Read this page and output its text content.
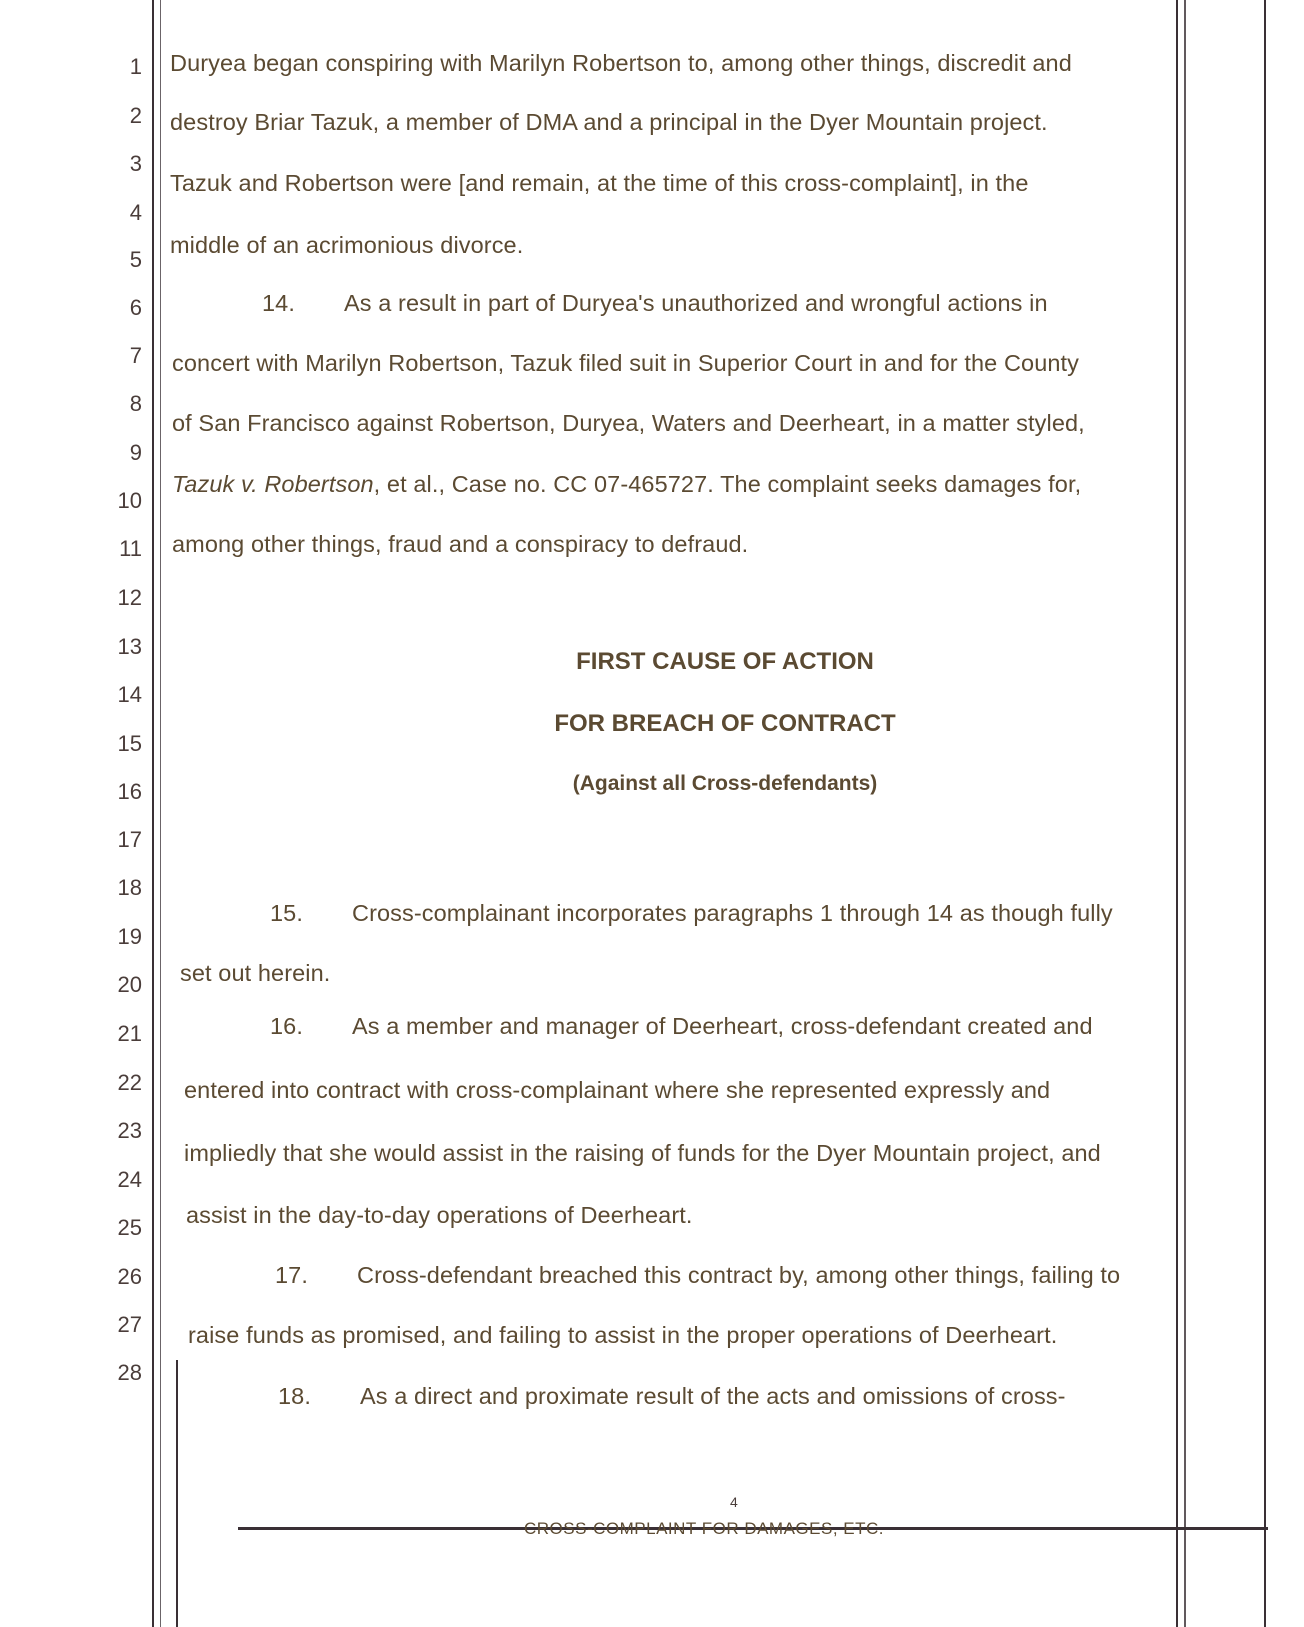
1
2
3
4
5
6
7
8
9
10
11
12
13
14
15
16
17
18
19
20
21
22
23
24
25
26
27
28
Duryea began conspiring with Marilyn Robertson to, among other things, discredit and
destroy Briar Tazuk, a member of DMA and a principal in the Dyer Mountain project.
Tazuk and Robertson were [and remain, at the time of this cross-complaint], in the
middle of an acrimonious divorce.
14. As a result in part of Duryea's unauthorized and wrongful actions in
concert with Marilyn Robertson, Tazuk filed suit in Superior Court in and for the County
of San Francisco against Robertson, Duryea, Waters and Deerheart, in a matter styled,
Tazuk v. Robertson, et al., Case no. CC 07-465727. The complaint seeks damages for,
among other things, fraud and a conspiracy to defraud.
FIRST CAUSE OF ACTION
FOR BREACH OF CONTRACT
(Against all Cross-defendants)
15. Cross-complainant incorporates paragraphs 1 through 14 as though fully
set out herein.
16. As a member and manager of Deerheart, cross-defendant created and
entered into contract with cross-complainant where she represented expressly and
impliedly that she would assist in the raising of funds for the Dyer Mountain project, and
assist in the day-to-day operations of Deerheart.
17. Cross-defendant breached this contract by, among other things, failing to
raise funds as promised, and failing to assist in the proper operations of Deerheart.
18. As a direct and proximate result of the acts and omissions of cross-
4
CROSS-COMPLAINT FOR DAMAGES, ETC.
